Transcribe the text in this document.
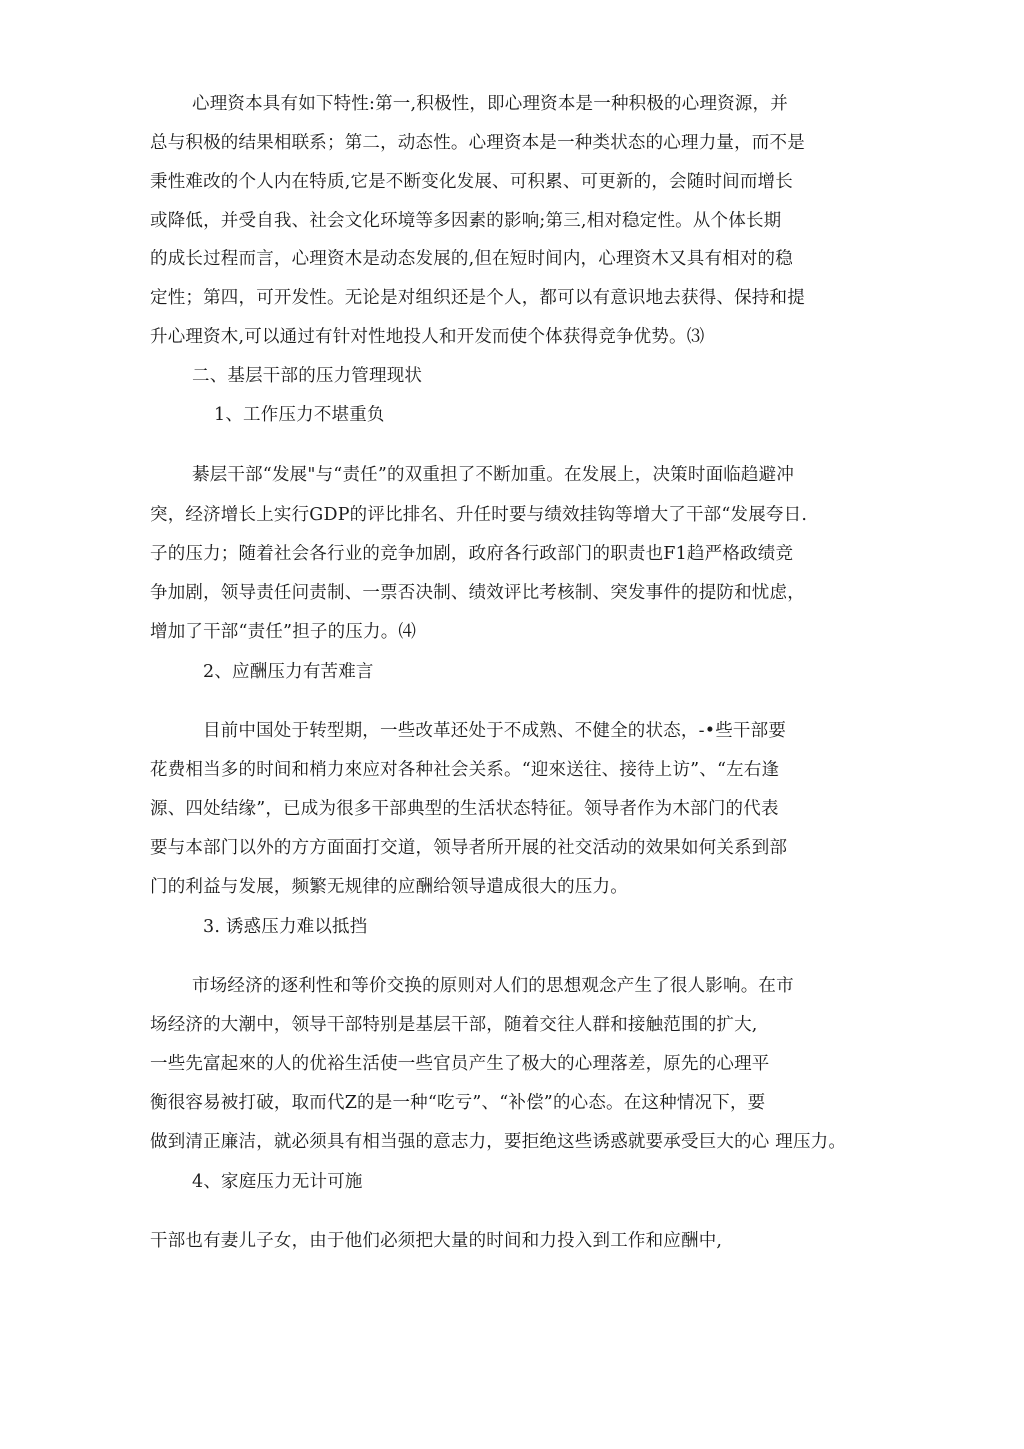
心理资本具有如下特性:第一,积极性，即心理资本是一种积极的心理资源，并

总与积极的结果相联系；第二，动态性。心理资本是一种类状态的心理力量，而不是

秉性难改的个人内在特质,它是不断变化发展、可积累、可更新的，会随时间而增长

或降低，并受自我、社会文化环境等多因素的影响;第三,相对稳定性。从个体长期

的成长过程而言，心理资木是动态发展的,但在短时间内，心理资木又具有相对的稳

定性；第四，可开发性。无论是对组织还是个人，都可以有意识地去获得、保持和提

升心理资木,可以通过有针对性地投人和开发而使个体获得竞争优势。⑶

二、基层干部的压力管理现状

1、工作压力不堪重负

綦层干部“发展"与“责任”的双重担了不断加重。在发展上，决策时面临趋避冲

突，经济增长上实行GDP的评比排名、升任时要与绩效挂钩等增大了干部“发展夸日.

子的压力；随着社会各行业的竞争加剧，政府各行政部门的职责也F1趋严格政绩竞

争加剧，领导责任问责制、一票否决制、绩效评比考核制、突发事件的提防和忧虑，

增加了干部“责任”担子的压力。⑷

2、应酬压力有苦难言

目前中国处于转型期，一些改革还处于不成熟、不健全的状态，-•些干部要

花费相当多的时间和梢力來应对各种社会关系。“迎來送往、接待上访”、“左右逢

源、四处结缘”，已成为很多干部典型的生活状态特征。领导者作为木部门的代表

要与本部门以外的方方面面打交道，领导者所开展的社交活动的效果如何关系到部

门的利益与发展，频繁无规律的应酬给领导遣成很大的压力。

3. 诱惑压力难以抵挡

市场经济的逐利性和等价交换的原则对人们的思想观念产生了很人影响。在市

场经济的大潮中，领导干部特别是基层干部，随着交往人群和接触范围的扩大,

一些先富起來的人的优裕生活使一些官员产生了极大的心理落差，原先的心理平

衡很容易被打破，取而代Z的是一种“吃亏”、“补偿”的心态。在这种情况下，要

做到清正廉洁，就必须具有相当强的意志力，要拒绝这些诱惑就要承受巨大的心 理压力。

4、家庭压力无计可施

干部也有妻儿子女，由于他们必须把大量的时间和力投入到工作和应酬中,
